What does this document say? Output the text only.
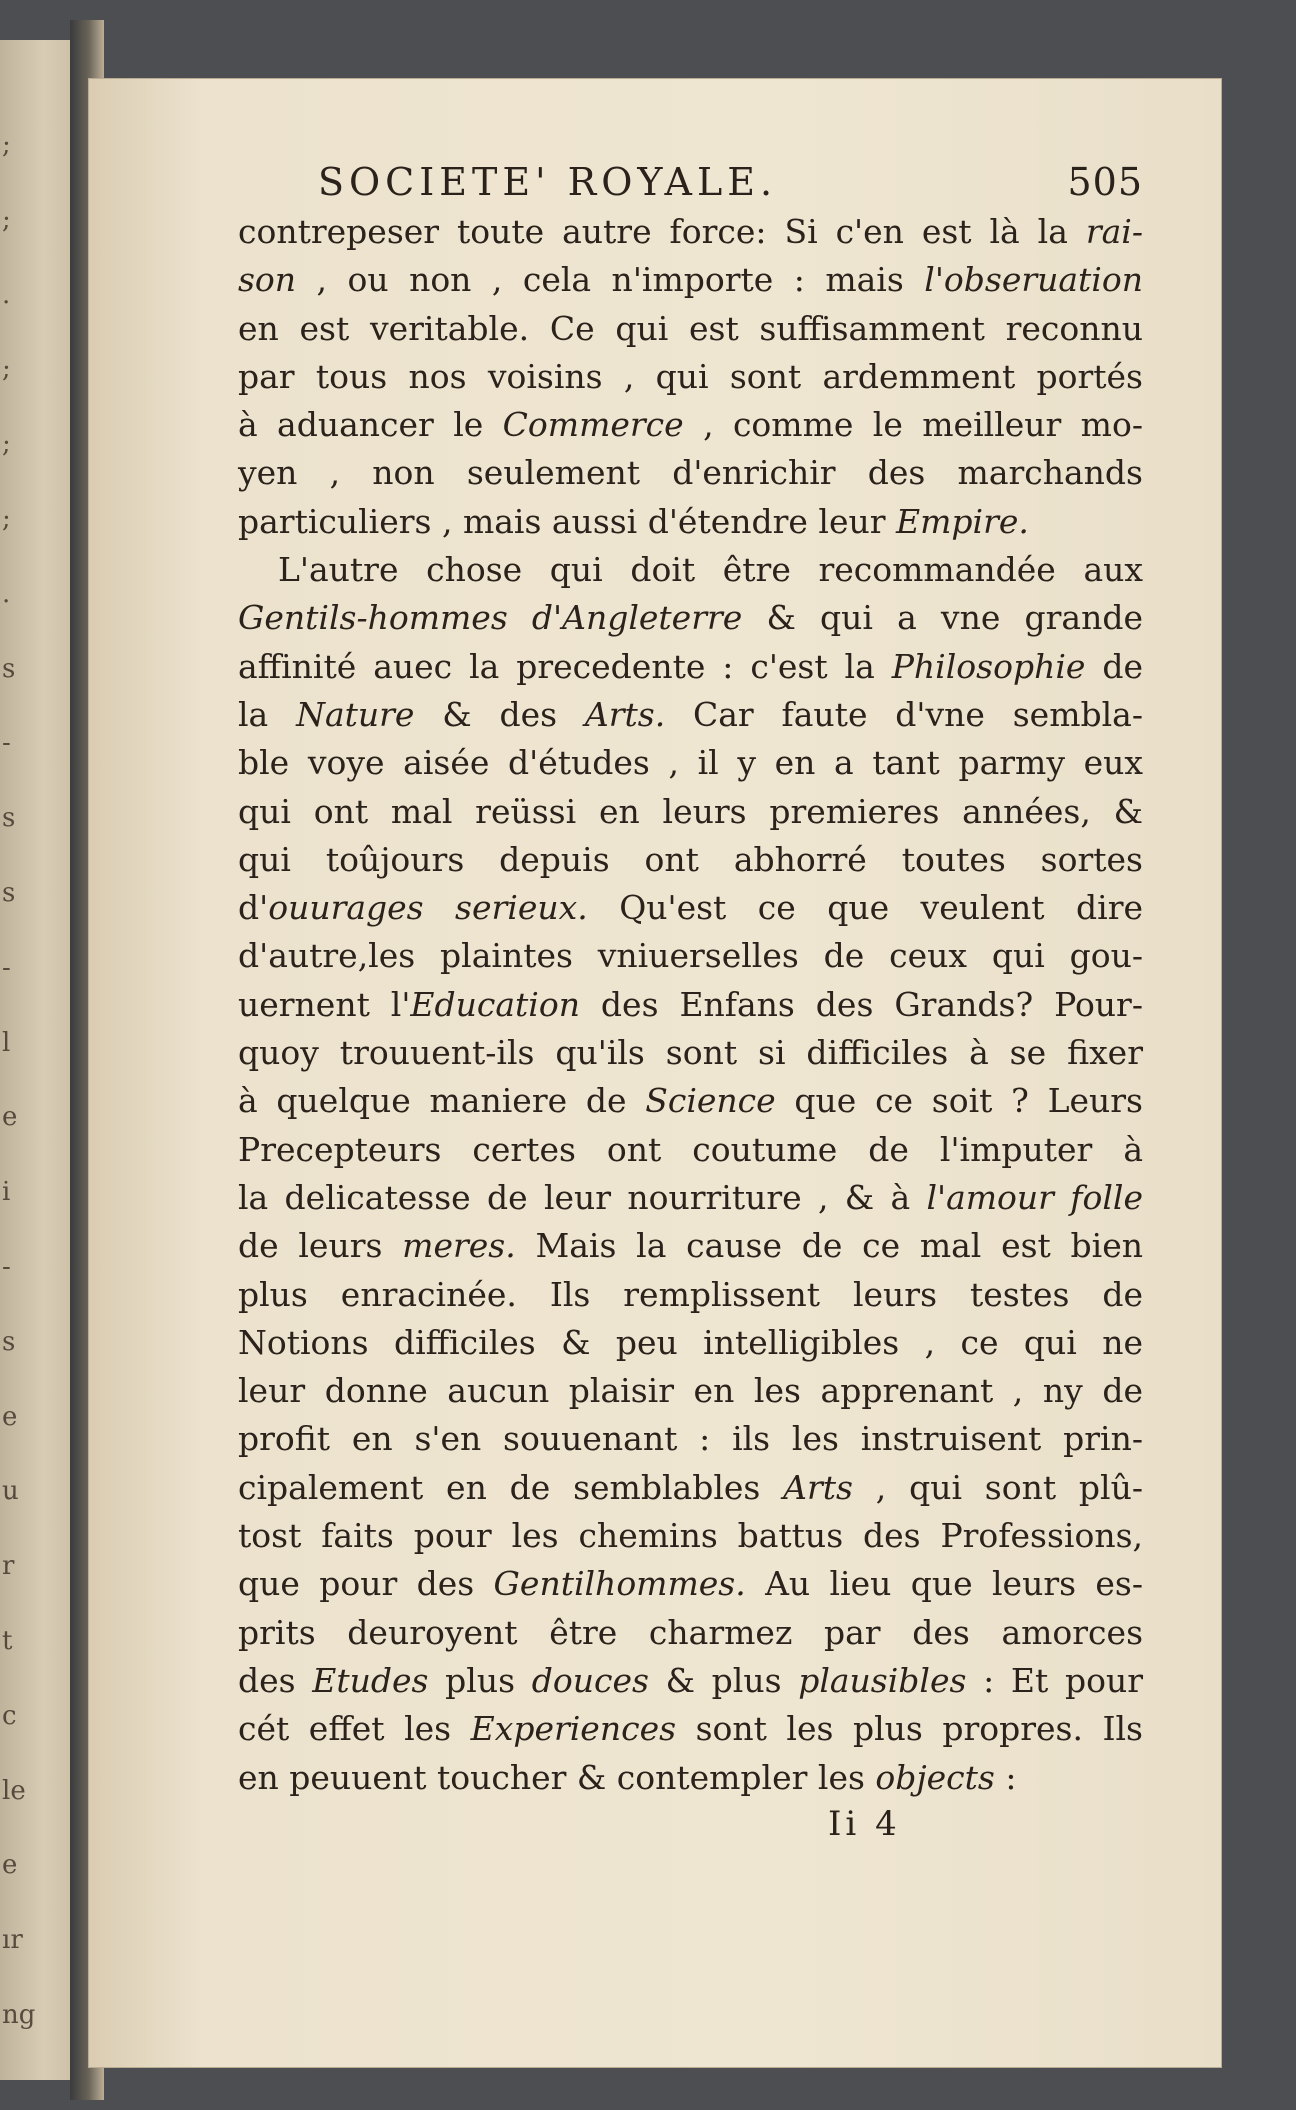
;
;
.
;
;
;
.
s
-
s
s
-
l
e
i
-
s
e
u
r
t
c
le
e
ır
ng
SOCIETE' ROYALE.	505
contrepeser toute autre force: Si c'en est là la rai-
son , ou non , cela n'importe : mais l'obseruation
en est veritable. Ce qui est suffisamment reconnu
par tous nos voisins , qui sont ardemment portés
à aduancer le Commerce , comme le meilleur mo-
yen , non seulement d'enrichir des marchands
particuliers , mais aussi d'étendre leur Empire.
L'autre chose qui doit être recommandée aux
Gentils-hommes d'Angleterre & qui a vne grande
affinité auec la precedente : c'est la Philosophie de
la Nature & des Arts. Car faute d'vne sembla-
ble voye aisée d'études , il y en a tant parmy eux
qui ont mal reüssi en leurs premieres années, &
qui toûjours depuis ont abhorré toutes sortes
d'ouurages serieux. Qu'est ce que veulent dire
d'autre,les plaintes vniuerselles de ceux qui gou-
uernent l'Education des Enfans des Grands? Pour-
quoy trouuent-ils qu'ils sont si difficiles à se fixer
à quelque maniere de Science que ce soit ? Leurs
Precepteurs certes ont coutume de l'imputer à
la delicatesse de leur nourriture , & à l'amour folle
de leurs meres. Mais la cause de ce mal est bien
plus enracinée. Ils remplissent leurs testes de
Notions difficiles & peu intelligibles , ce qui ne
leur donne aucun plaisir en les apprenant , ny de
profit en s'en souuenant : ils les instruisent prin-
cipalement en de semblables Arts , qui sont plû-
tost faits pour les chemins battus des Professions,
que pour des Gentilhommes. Au lieu que leurs es-
prits deuroyent être charmez par des amorces
des Etudes plus douces & plus plausibles : Et pour
cét effet les Experiences sont les plus propres. Ils
en peuuent toucher & contempler les objects :
Ii 4
